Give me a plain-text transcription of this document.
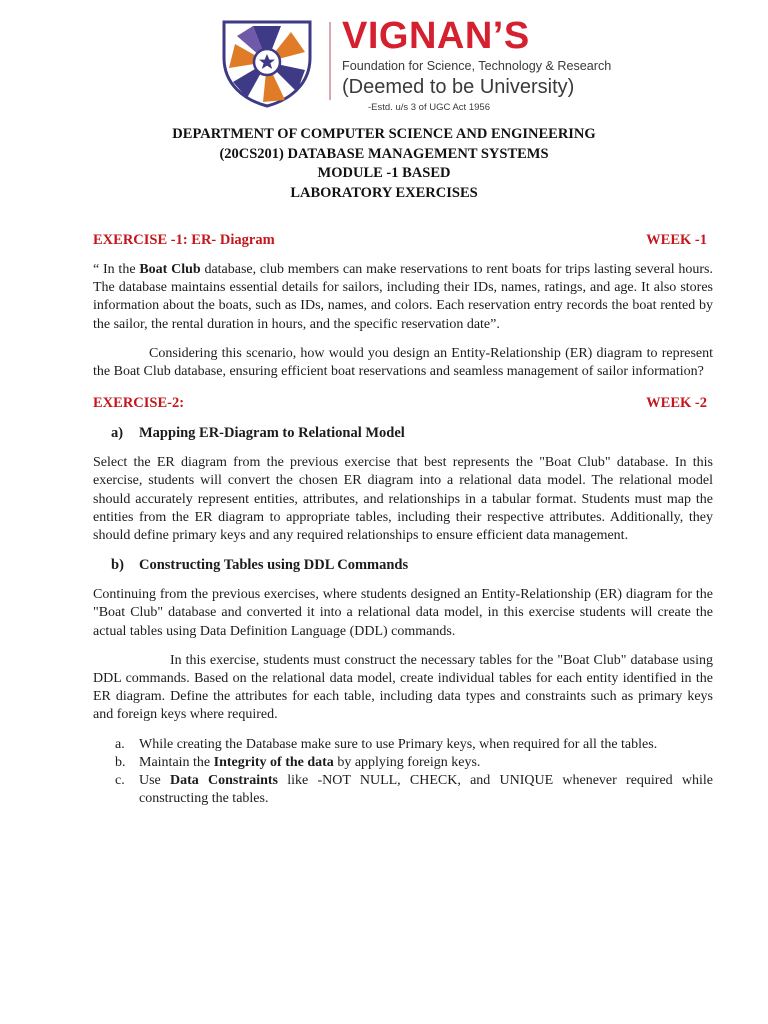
VIGNAN’S
Foundation for Science, Technology & Research
(Deemed to be University)
-Estd. u/s 3 of UGC Act 1956
DEPARTMENT OF COMPUTER SCIENCE AND ENGINEERING
(20CS201) DATABASE MANAGEMENT SYSTEMS
MODULE -1 BASED
LABORATORY EXERCISES
EXERCISE -1: ER- Diagram	WEEK -1

“ In the Boat Club database, club members can make reservations to rent boats for trips lasting several hours. The database maintains essential details for sailors, including their IDs, names, ratings, and age. It also stores information about the boats, such as IDs, names, and colors. Each reservation entry records the boat rented by the sailor, the rental duration in hours, and the specific reservation date”.

Considering this scenario, how would you design an Entity-Relationship (ER) diagram to represent the Boat Club database, ensuring efficient boat reservations and seamless management of sailor information?

EXERCISE-2:	WEEK -2
a) Mapping ER-Diagram to Relational Model

Select the ER diagram from the previous exercise that best represents the "Boat Club" database. In this exercise, students will convert the chosen ER diagram into a relational data model. The relational model should accurately represent entities, attributes, and relationships in a tabular format. Students must map the entities from the ER diagram to appropriate tables, including their respective attributes. Additionally, they should define primary keys and any required relationships to ensure efficient data management.

b) Constructing Tables using DDL Commands

Continuing from the previous exercises, where students designed an Entity-Relationship (ER) diagram for the "Boat Club" database and converted it into a relational data model, in this exercise students will create the actual tables using Data Definition Language (DDL) commands.

In this exercise, students must construct the necessary tables for the "Boat Club" database using DDL commands. Based on the relational data model, create individual tables for each entity identified in the ER diagram. Define the attributes for each table, including data types and constraints such as primary keys and foreign keys where required.

a. While creating the Database make sure to use Primary keys, when required for all the tables.
b. Maintain the Integrity of the data by applying foreign keys.
c. Use Data Constraints like -NOT NULL, CHECK, and UNIQUE whenever required while constructing the tables.
